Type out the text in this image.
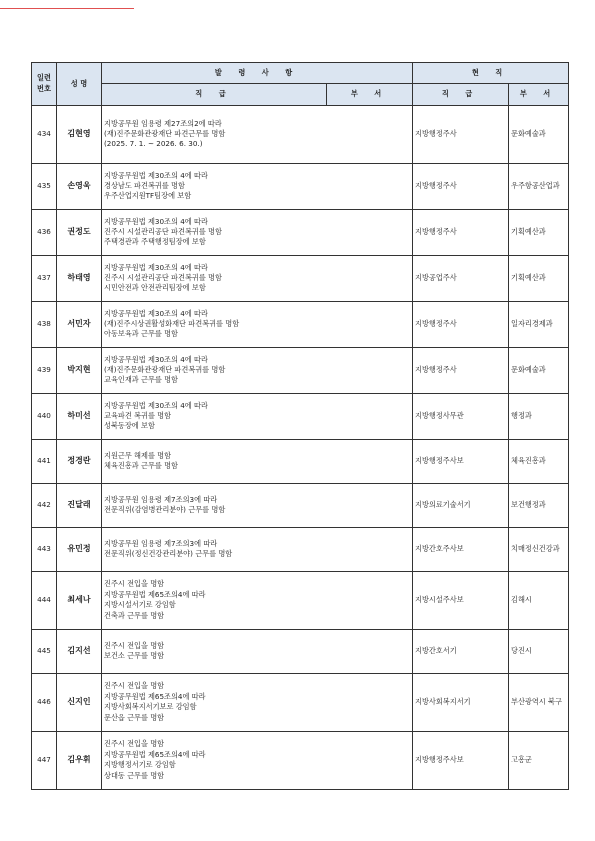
일련
번호	성 명	발 령 사 항		현 직	
		직 급	부 서	직 급	부 서	
434	김현영	지방공무원 임용령 제27조의2에 따라
(재)진주문화관광재단 파견근무를 명함
(2025. 7. 1. ~ 2026. 6. 30.)		지방행정주사	문화예술과	
435	손영욱	지방공무원법 제30조의 4에 따라
경상남도 파견복귀를 명함
우주산업지원TF팀장에 보함		지방행정주사	우주항공산업과	
436	권정도	지방공무원법 제30조의 4에 따라
진주시 시설관리공단 파견복귀를 명함
주택경관과 주택행정팀장에 보함		지방행정주사	기획예산과	
437	하태영	지방공무원법 제30조의 4에 따라
진주시 시설관리공단 파견복귀를 명함
시민안전과 안전관리팀장에 보함		지방공업주사	기획예산과	
438	서민자	지방공무원법 제30조의 4에 따라
(재)진주시상권활성화재단 파견복귀를 명함
아동보육과 근무를 명함		지방행정주사	일자리경제과	
439	박지현	지방공무원법 제30조의 4에 따라
(재)진주문화관광재단 파견복귀를 명함
교육인재과 근무를 명함		지방행정주사	문화예술과	
440	하미선	지방공무원법 제30조의 4에 따라
교육파견 복귀를 명함
성북동장에 보함		지방행정사무관	행정과	
441	정경란	지원근무 해제를 명함
체육진흥과 근무를 명함		지방행정주사보	체육진흥과	
442	진달래	지방공무원 임용령 제7조의3에 따라
전문직위(감염병관리분야) 근무를 명함		지방의료기술서기	보건행정과	
443	유민정	지방공무원 임용령 제7조의3에 따라
전문직위(정신건강관리분야) 근무를 명함		지방간호주사보	치매정신건강과	
444	최세나	진주시 전입을 명함
지방공무원법 제65조의4에 따라
지방시설서기로 강임함
건축과 근무를 명함		지방시설주사보	김해시	
445	김지선	진주시 전입을 명함
보건소 근무를 명함		지방간호서기	당진시	
446	신지인	진주시 전입을 명함
지방공무원법 제65조의4에 따라
지방사회복지서기보로 강임함
문산읍 근무를 명함		지방사회복지서기	부산광역시 북구	
447	김우휘	진주시 전입을 명함
지방공무원법 제65조의4에 따라
지방행정서기로 강임함
상대동 근무를 명함		지방행정주사보	고흥군	
